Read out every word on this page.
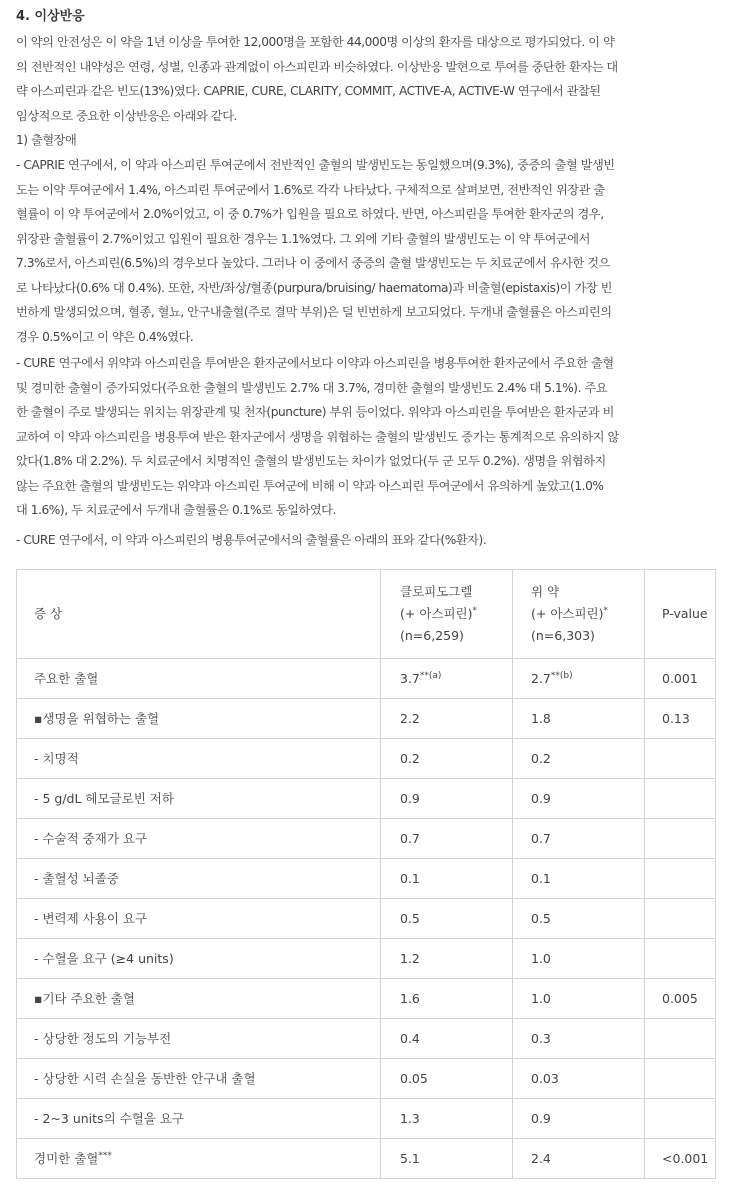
4. 이상반응
이 약의 안전성은 이 약을 1년 이상을 투여한 12,000명을 포함한 44,000명 이상의 환자를 대상으로 평가되었다. 이 약
의 전반적인 내약성은 연령, 성별, 인종과 관계없이 아스피린과 비슷하였다. 이상반응 발현으로 투여를 중단한 환자는 대
략 아스피린과 같은 빈도(13%)였다. CAPRIE, CURE, CLARITY, COMMIT, ACTIVE-A, ACTIVE-W 연구에서 관찰된
임상적으로 중요한 이상반응은 아래와 같다.
1) 출혈장애
- CAPRIE 연구에서, 이 약과 아스피린 투여군에서 전반적인 출혈의 발생빈도는 동일했으며(9.3%), 중증의 출혈 발생빈
도는 이약 투여군에서 1.4%, 아스피린 투여군에서 1.6%로 각각 나타났다. 구체적으로 살펴보면, 전반적인 위장관 출
혈률이 이 약 투여군에서 2.0%이었고, 이 중 0.7%가 입원을 필요로 하였다. 반면, 아스피린을 투여한 환자군의 경우,
위장관 출혈률이 2.7%이었고 입원이 필요한 경우는 1.1%였다. 그 외에 기타 출혈의 발생빈도는 이 약 투여군에서
7.3%로서, 아스피린(6.5%)의 경우보다 높았다. 그러나 이 중에서 중증의 출혈 발생빈도는 두 치료군에서 유사한 것으
로 나타났다(0.6% 대 0.4%). 또한, 자반/좌상/혈종(purpura/bruising/ haematoma)과 비출혈(epistaxis)이 가장 빈
번하게 발생되었으며, 혈종, 혈뇨, 안구내출혈(주로 결막 부위)은 덜 빈번하게 보고되었다. 두개내 출혈률은 아스피린의
경우 0.5%이고 이 약은 0.4%였다.
- CURE 연구에서 위약과 아스피린을 투여받은 환자군에서보다 이약과 아스피린을 병용투여한 환자군에서 주요한 출혈
및 경미한 출혈이 증가되었다(주요한 출혈의 발생빈도 2.7% 대 3.7%, 경미한 출혈의 발생빈도 2.4% 대 5.1%). 주요
한 출혈이 주로 발생되는 위치는 위장관계 및 천자(puncture) 부위 등이었다. 위약과 아스피린을 투여받은 환자군과 비
교하여 이 약과 아스피린을 병용투여 받은 환자군에서 생명을 위협하는 출혈의 발생빈도 증가는 통계적으로 유의하지 않
았다(1.8% 대 2.2%). 두 치료군에서 치명적인 출혈의 발생빈도는 차이가 없었다(두 군 모두 0.2%). 생명을 위협하지
않는 주요한 출혈의 발생빈도는 위약과 아스피린 투여군에 비해 이 약과 아스피린 투여군에서 유의하게 높았고(1.0%
대 1.6%), 두 치료군에서 두개내 출혈률은 0.1%로 동일하였다.
- CURE 연구에서, 이 약과 아스피린의 병용투여군에서의 출혈률은 아래의 표와 같다(%환자).
증 상	클로피도그렐
(+ 아스피린)*
(n=6,259)	위 약
(+ 아스피린)*
(n=6,303)	P-value
주요한 출혈	3.7$^{**(a)}$	2.7$^{**(b)}$	0.001
▪생명을 위협하는 출혈	2.2	1.8	0.13
- 치명적	0.2	0.2	
- 5 g/dL 헤모글로빈 저하	0.9	0.9	
- 수술적 중재가 요구	0.7	0.7	
- 출혈성 뇌졸중	0.1	0.1	
- 변력제 사용이 요구	0.5	0.5	
- 수혈을 요구 (≥4 units)	1.2	1.0	
▪기타 주요한 출혈	1.6	1.0	0.005
- 상당한 정도의 기능부전	0.4	0.3	
- 상당한 시력 손실을 동반한 안구내 출혈	0.05	0.03	
- 2~3 units의 수혈을 요구	1.3	0.9	
경미한 출혈***	5.1	2.4	<0.001
